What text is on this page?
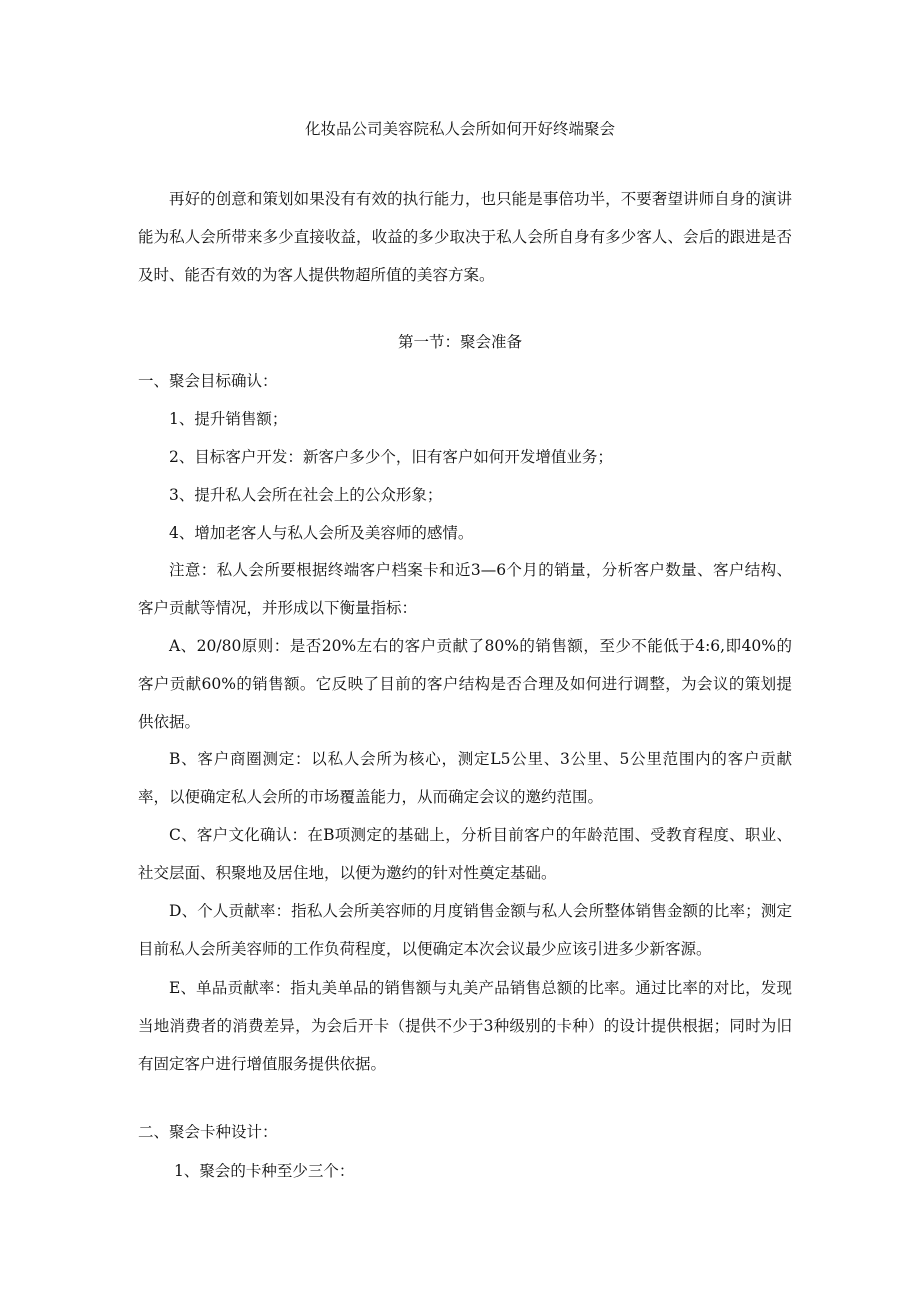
化妆品公司美容院私人会所如何开好终端聚会

再好的创意和策划如果没有有效的执行能力，也只能是事倍功半，不要奢望讲师自身的演讲能为私人会所带来多少直接收益，收益的多少取决于私人会所自身有多少客人、会后的跟进是否及时、能否有效的为客人提供物超所值的美容方案。

第一节：聚会准备
一、聚会目标确认：
1、提升销售额；
2、目标客户开发：新客户多少个，旧有客户如何开发增值业务；
3、提升私人会所在社会上的公众形象；
4、增加老客人与私人会所及美容师的感情。

注意：私人会所要根据终端客户档案卡和近3—6个月的销量，分析客户数量、客户结构、客户贡献等情况，并形成以下衡量指标：

A、20/80原则：是否20%左右的客户贡献了80%的销售额，至少不能低于4:6,即40%的客户贡献60%的销售额。它反映了目前的客户结构是否合理及如何进行调整，为会议的策划提供依据。

B、客户商圈测定：以私人会所为核心，测定L5公里、3公里、5公里范围内的客户贡献率，以便确定私人会所的市场覆盖能力，从而确定会议的邀约范围。

C、客户文化确认：在B项测定的基础上，分析目前客户的年龄范围、受教育程度、职业、社交层面、积聚地及居住地，以便为邀约的针对性奠定基础。

D、个人贡献率：指私人会所美容师的月度销售金额与私人会所整体销售金额的比率；测定目前私人会所美容师的工作负荷程度，以便确定本次会议最少应该引进多少新客源。

E、单品贡献率：指丸美单品的销售额与丸美产品销售总额的比率。通过比率的对比，发现当地消费者的消费差异，为会后开卡（提供不少于3种级别的卡种）的设计提供根据；同时为旧有固定客户进行增值服务提供依据。

二、聚会卡种设计：
1、聚会的卡种至少三个：
